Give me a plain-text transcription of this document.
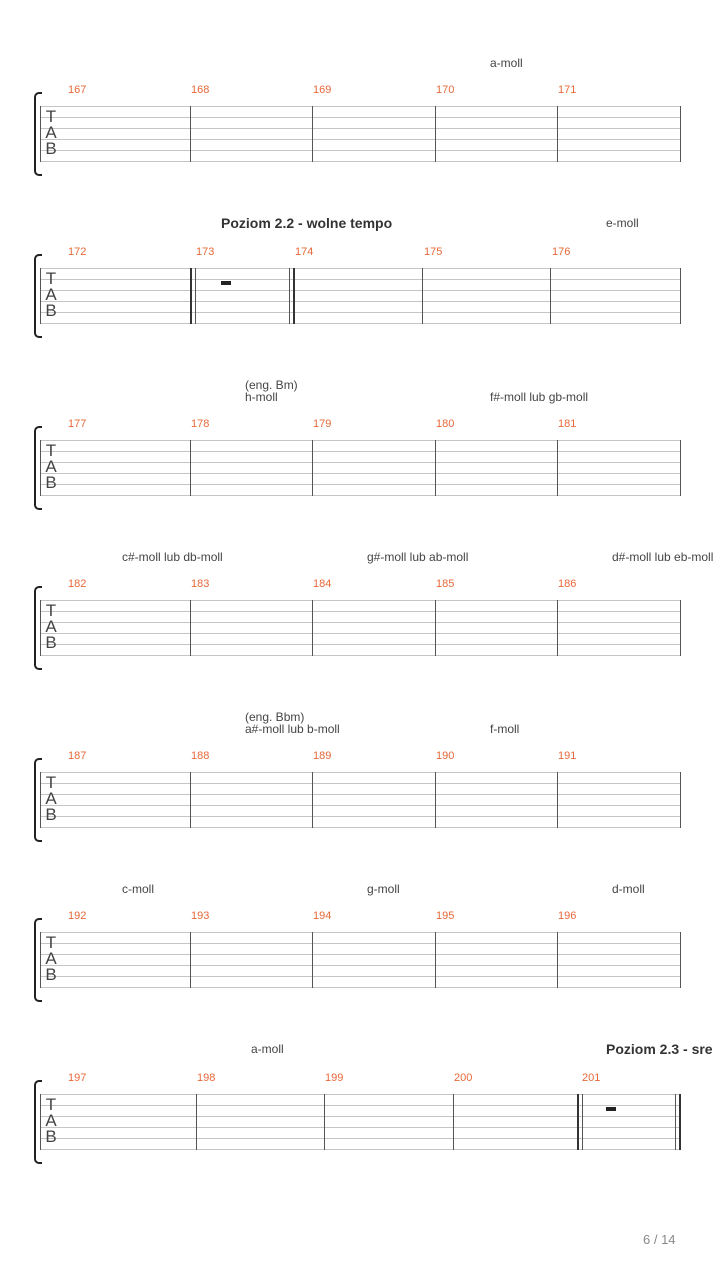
a-moll
167	168	169	170	171
T
A
B
Poziom 2.2 - wolne tempo	e-moll
172	173	174	175	176
T
A
B
(eng. Bm)
h-moll	f#-moll lub gb-moll
177	178	179	180	181
T
A
B
c#-moll lub db-moll	g#-moll lub ab-moll	d#-moll lub eb-moll
182	183	184	185	186
T
A
B
(eng. Bbm)
a#-moll lub b-moll	f-moll
187	188	189	190	191
T
A
B
c-moll	g-moll	d-moll
192	193	194	195	196
T
A
B
a-moll	Poziom 2.3 - sre
197	198	199	200	201
T
A
B
6 / 14
